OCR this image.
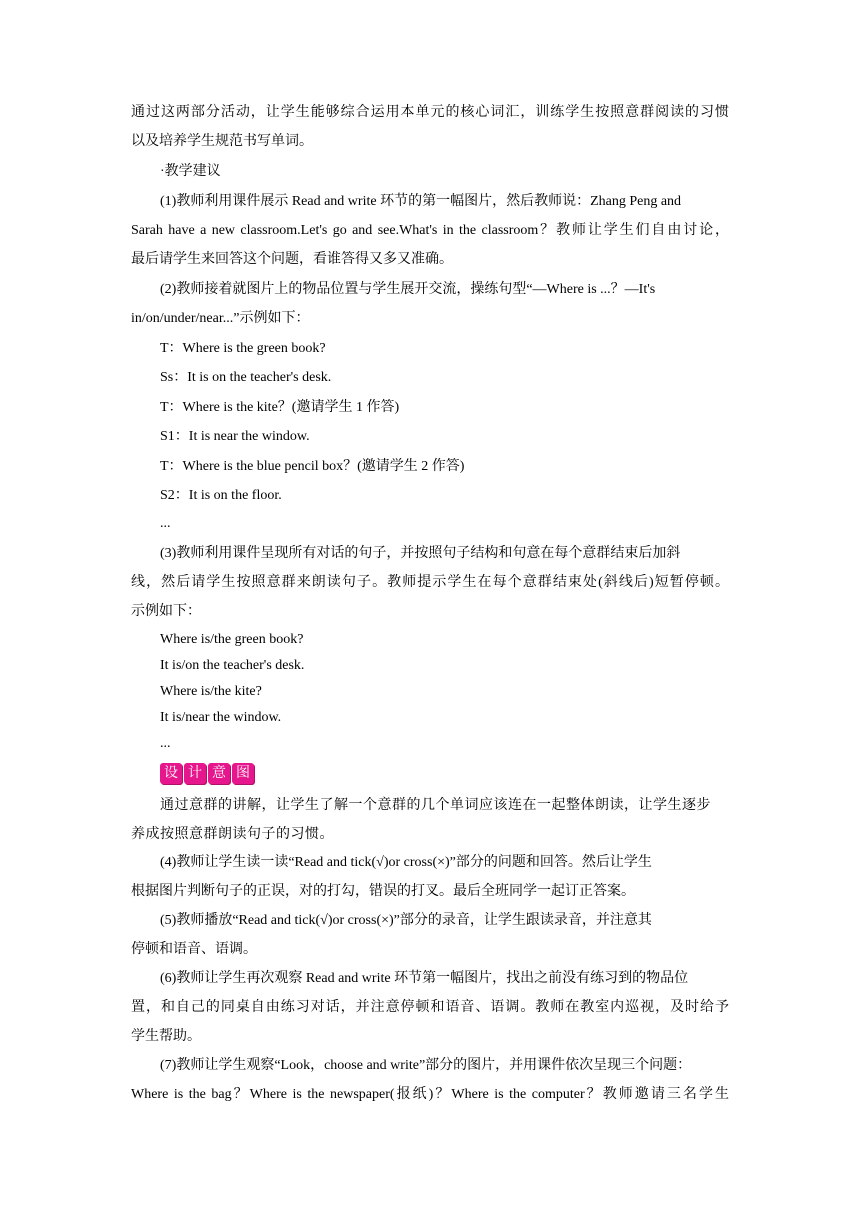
通过这两部分活动，让学生能够综合运用本单元的核心词汇，训练学生按照意群阅读的习惯
以及培养学生规范书写单词。
·教学建议
(1)教师利用课件展示 Read and write 环节的第一幅图片，然后教师说：Zhang Peng and
Sarah have a new classroom.Let's go and see.What's in the classroom？教师让学生们自由讨论，
最后请学生来回答这个问题，看谁答得又多又准确。
(2)教师接着就图片上的物品位置与学生展开交流，操练句型“—Where is ...？—It's
in/on/under/near...”示例如下：
T：Where is the green book?
Ss：It is on the teacher's desk.
T：Where is the kite？(邀请学生 1 作答)
S1：It is near the window.
T：Where is the blue pencil box？(邀请学生 2 作答)
S2：It is on the floor.
...
(3)教师利用课件呈现所有对话的句子，并按照句子结构和句意在每个意群结束后加斜
线，然后请学生按照意群来朗读句子。教师提示学生在每个意群结束处(斜线后)短暂停顿。
示例如下：
Where is/the green book?
It is/on the teacher's desk.
Where is/the kite?
It is/near the window.
...
设 计 意 图
通过意群的讲解，让学生了解一个意群的几个单词应该连在一起整体朗读，让学生逐步
养成按照意群朗读句子的习惯。
(4)教师让学生读一读“Read and tick(√)or cross(×)”部分的问题和回答。然后让学生
根据图片判断句子的正误，对的打勾，错误的打叉。最后全班同学一起订正答案。
(5)教师播放“Read and tick(√)or cross(×)”部分的录音，让学生跟读录音，并注意其
停顿和语音、语调。
(6)教师让学生再次观察 Read and write 环节第一幅图片，找出之前没有练习到的物品位
置，和自己的同桌自由练习对话，并注意停顿和语音、语调。教师在教室内巡视，及时给予
学生帮助。
(7)教师让学生观察“Look，choose and write”部分的图片，并用课件依次呈现三个问题：
Where is the bag？Where is the newspaper(报纸)？Where is the computer？教师邀请三名学生
